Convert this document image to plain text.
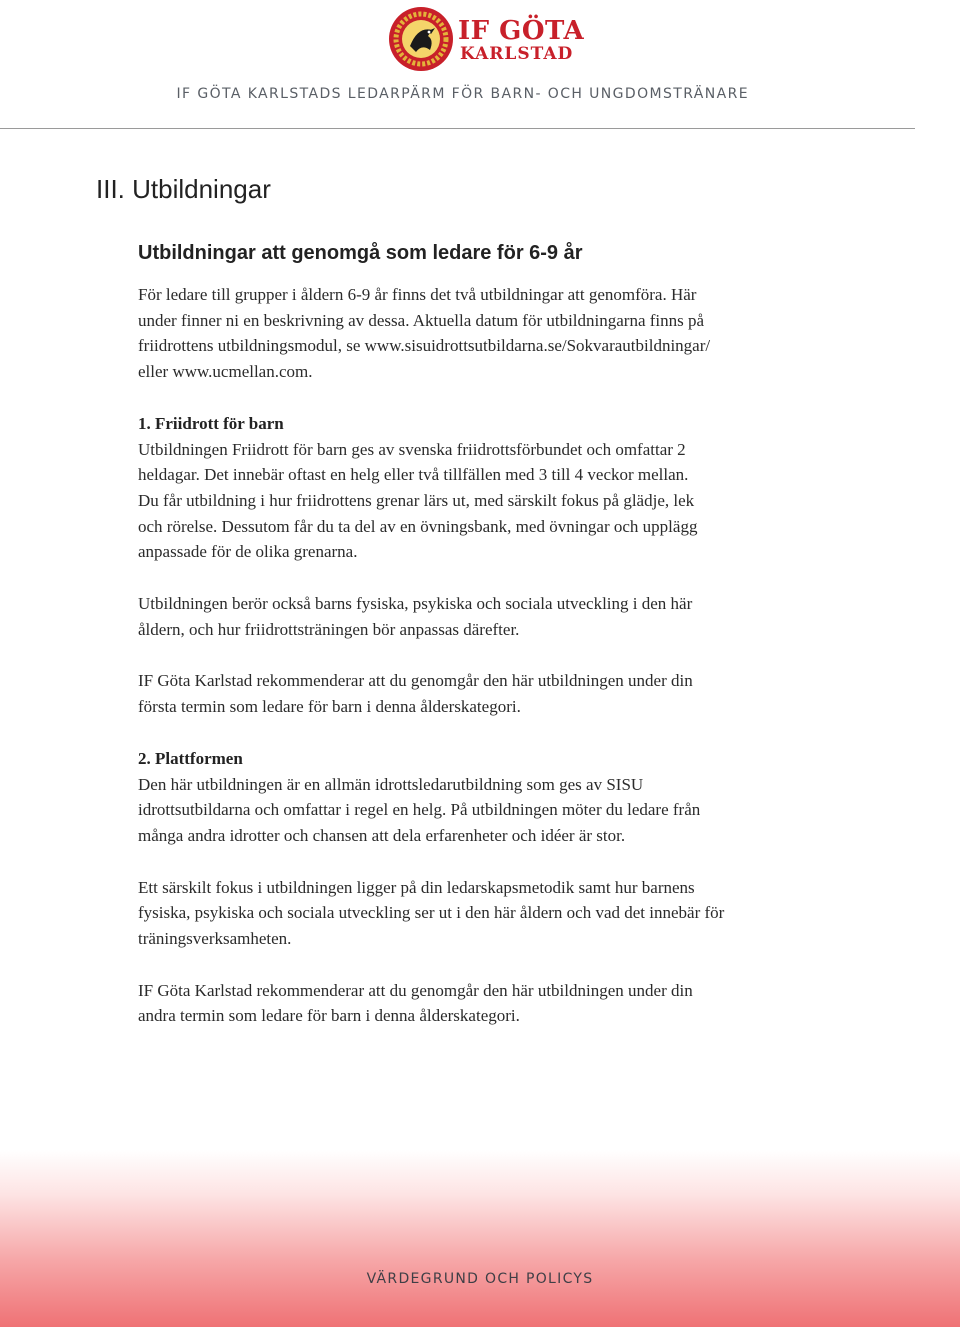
IF GÖTA
KARLSTAD
IF GÖTA KARLSTADS LEDARPÄRM FÖR BARN- OCH UNGDOMSTRÄNARE
III. Utbildningar
Utbildningar att genomgå som ledare för 6-9 år

För ledare till grupper i åldern 6-9 år finns det två utbildningar att genomföra. Här

under finner ni en beskrivning av dessa. Aktuella datum för utbildningarna finns på

friidrottens utbildningsmodul, se www.sisuidrottsutbildarna.se/Sokvarautbildningar/

eller www.ucmellan.com.

1. Friidrott för barn

Utbildningen Friidrott för barn ges av svenska friidrottsförbundet och omfattar 2

heldagar. Det innebär oftast en helg eller två tillfällen med 3 till 4 veckor mellan.

Du får utbildning i hur friidrottens grenar lärs ut, med särskilt fokus på glädje, lek

och rörelse. Dessutom får du ta del av en övningsbank, med övningar och upplägg

anpassade för de olika grenarna.

Utbildningen berör också barns fysiska, psykiska och sociala utveckling i den här

åldern, och hur friidrottsträningen bör anpassas därefter.

IF Göta Karlstad rekommenderar att du genomgår den här utbildningen under din

första termin som ledare för barn i denna ålderskategori.

2. Plattformen

Den här utbildningen är en allmän idrottsledarutbildning som ges av SISU

idrottsutbildarna och omfattar i regel en helg. På utbildningen möter du ledare från

många andra idrotter och chansen att dela erfarenheter och idéer är stor.

Ett särskilt fokus i utbildningen ligger på din ledarskapsmetodik samt hur barnens

fysiska, psykiska och sociala utveckling ser ut i den här åldern och vad det innebär för

träningsverksamheten.

IF Göta Karlstad rekommenderar att du genomgår den här utbildningen under din

andra termin som ledare för barn i denna ålderskategori.

VÄRDEGRUND OCH POLICYS
